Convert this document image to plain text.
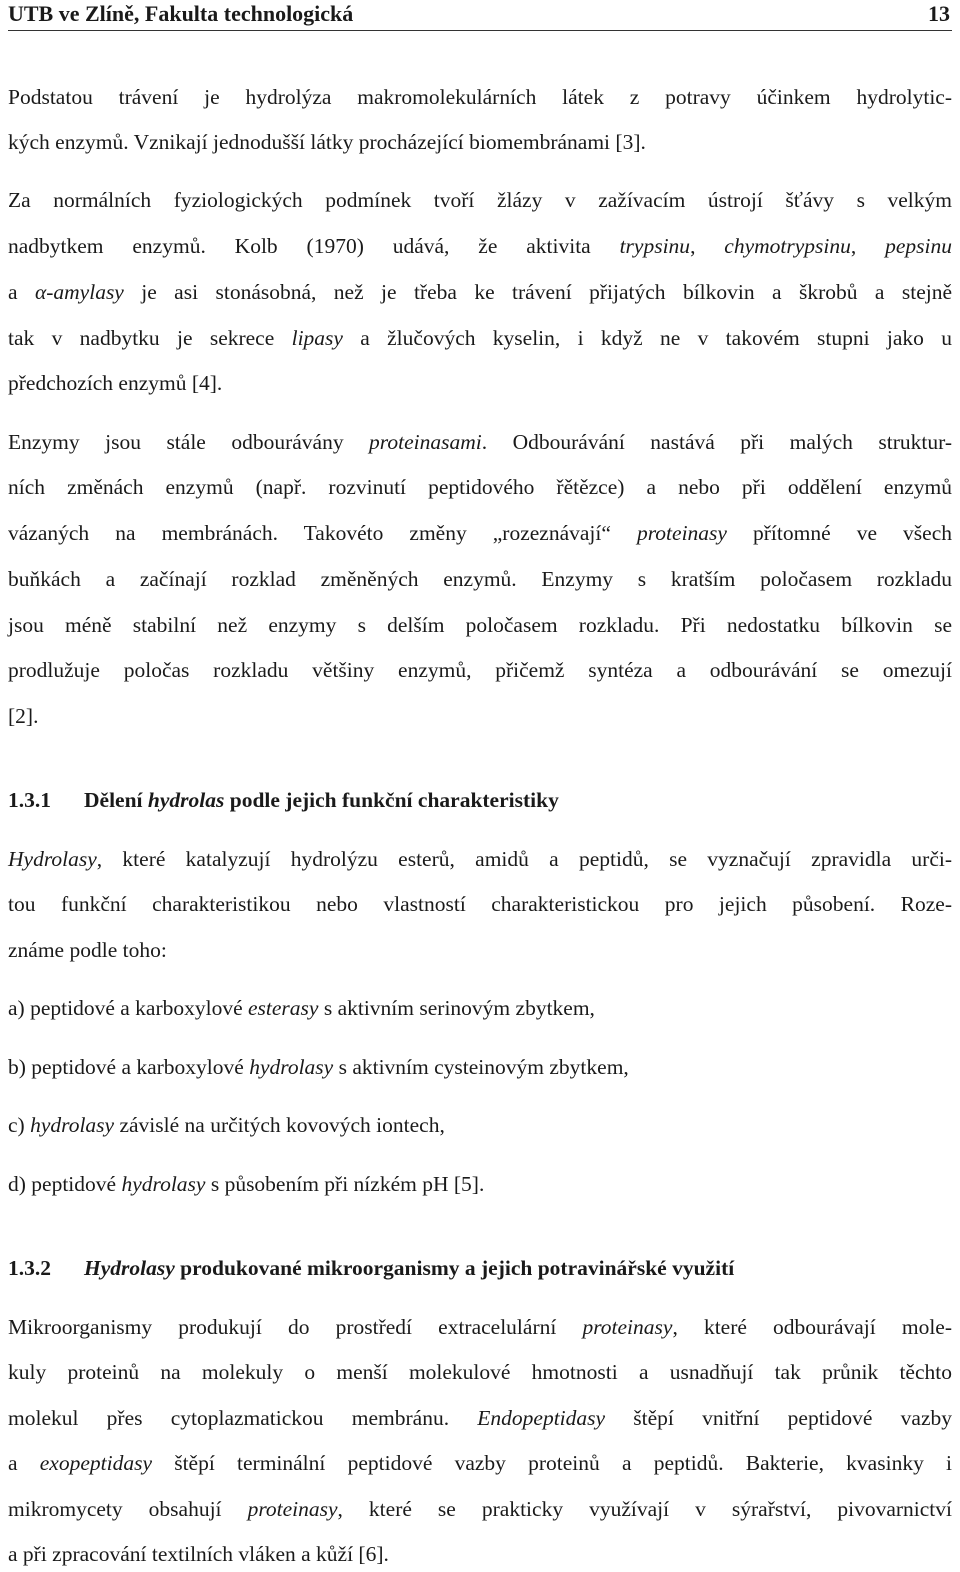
UTB ve Zlíně, Fakulta technologická	13
Podstatou trávení je hydrolýza makromolekulárních látek z potravy účinkem hydrolytic-
kých enzymů. Vznikají jednodušší látky procházející biomembránami [3].
Za normálních fyziologických podmínek tvoří žlázy v zažívacím ústrojí šťávy s velkým
nadbytkem enzymů. Kolb (1970) udává, že aktivita trypsinu, chymotrypsinu, pepsinu
a α-amylasy je asi stonásobná, než je třeba ke trávení přijatých bílkovin a škrobů a stejně
tak v nadbytku je sekrece lipasy a žlučových kyselin, i když ne v takovém stupni jako u
předchozích enzymů [4].
Enzymy jsou stále odbourávány proteinasami. Odbourávání nastává při malých struktur-
ních změnách enzymů (např. rozvinutí peptidového řětězce) a nebo při oddělení enzymů
vázaných na membránách. Takovéto změny „rozeznávají“ proteinasy přítomné ve všech
buňkách a začínají rozklad změněných enzymů. Enzymy s kratším poločasem rozkladu
jsou méně stabilní než enzymy s delším poločasem rozkladu. Při nedostatku bílkovin se
prodlužuje poločas rozkladu většiny enzymů, přičemž syntéza a odbourávání se omezují
[2].
1.3.1 Dělení hydrolas podle jejich funkční charakteristiky
Hydrolasy, které katalyzují hydrolýzu esterů, amidů a peptidů, se vyznačují zpravidla urči-
tou funkční charakteristikou nebo vlastností charakteristickou pro jejich působení. Roze-
známe podle toho:
a) peptidové a karboxylové esterasy s aktivním serinovým zbytkem,
b) peptidové a karboxylové hydrolasy s aktivním cysteinovým zbytkem,
c) hydrolasy závislé na určitých kovových iontech,
d) peptidové hydrolasy s působením při nízkém pH [5].
1.3.2 Hydrolasy produkované mikroorganismy a jejich potravinářské využití
Mikroorganismy produkují do prostředí extracelulární proteinasy, které odbourávají mole-
kuly proteinů na molekuly o menší molekulové hmotnosti a usnadňují tak průnik těchto
molekul přes cytoplazmatickou membránu. Endopeptidasy štěpí vnitřní peptidové vazby
a exopeptidasy štěpí terminální peptidové vazby proteinů a peptidů. Bakterie, kvasinky i
mikromycety obsahují proteinasy, které se prakticky využívají v sýrařství, pivovarnictví
a při zpracování textilních vláken a kůží [6].
